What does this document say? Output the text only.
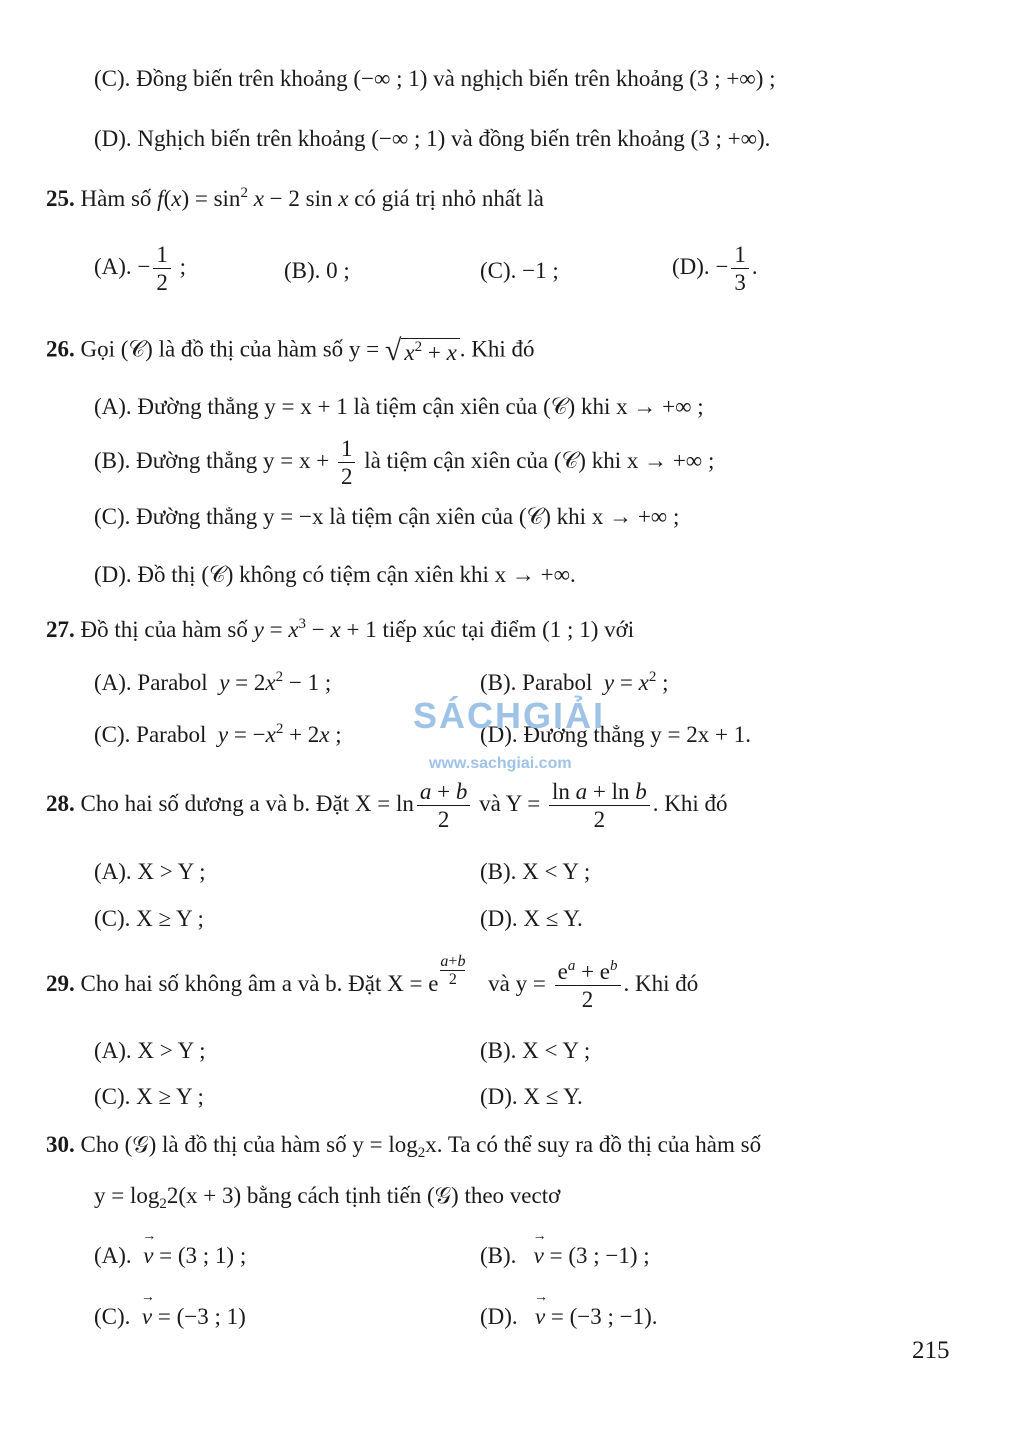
(C). Đồng biến trên khoảng (−∞ ; 1) và nghịch biến trên khoảng (3 ; +∞) ;
(D). Nghịch biến trên khoảng (−∞ ; 1) và đồng biến trên khoảng (3 ; +∞).
25. Hàm số $f(x) = \sin^2 x - 2$ sin x có giá trị nhỏ nhất là
(A). − $\frac{1}{2}$ ;	(B). 0 ;	(C). −1 ;	(D). − $\frac{1}{3}$ .
26. Gọi (𝒞) là đồ thị của hàm số y = √ $x^2 + x$ . Khi đó
(A). Đường thẳng y = x + 1 là tiệm cận xiên của (𝒞) khi x → +∞ ;
(B). Đường thẳng $y = x + \frac{1}{2}$ là tiệm cận xiên của (𝒞) khi x → +∞ ;
(C). Đường thẳng y = −x là tiệm cận xiên của (𝒞) khi x → +∞ ;
(D). Đồ thị (𝒞) không có tiệm cận xiên khi x → +∞.
27. Đồ thị của hàm số $y = x^3 - x + 1$ tiếp xúc tại điểm (1 ; 1) với
(A). Parabol $y = 2x^2 - 1$ ;	(B). Parabol $y = x^2$ ;
(C). Parabol $y = -x^2 + 2x$ ;	(D). Đường thẳng y = 2x + 1.
SÁCHGIẢI
www.sachgiai.com
28. Cho hai số dương a và b. Đặt $X = \ln \frac{a + b}{2}$ và $Y = \frac{\text{ln a + ln b}}{2}$ . Khi đó
(A). X > Y ;	(B). X < Y ;
(C). X ≥ Y ;	(D). X ≤ Y.
29. Cho hai số không âm a và b. Đặt X = e
a+b
2	và $y = \frac{e^a + e^b}{2}$ . Khi đó
(A). X > Y ;	(B). X < Y ;
(C). X ≥ Y ;	(D). X ≤ Y.
30. Cho (𝒢) là đồ thị của hàm số $y = \log_2x$. Ta có thể suy ra đồ thị của hàm số
$y = \log_22(x + 3)$ bằng cách tịnh tiến (𝒢) theo vectơ
(A). → v = (3 ; 1) ;	(B). → v = (3 ; −1) ;
(C). → v = (−3 ; 1)	(D). → v = (−3 ; −1).
215
